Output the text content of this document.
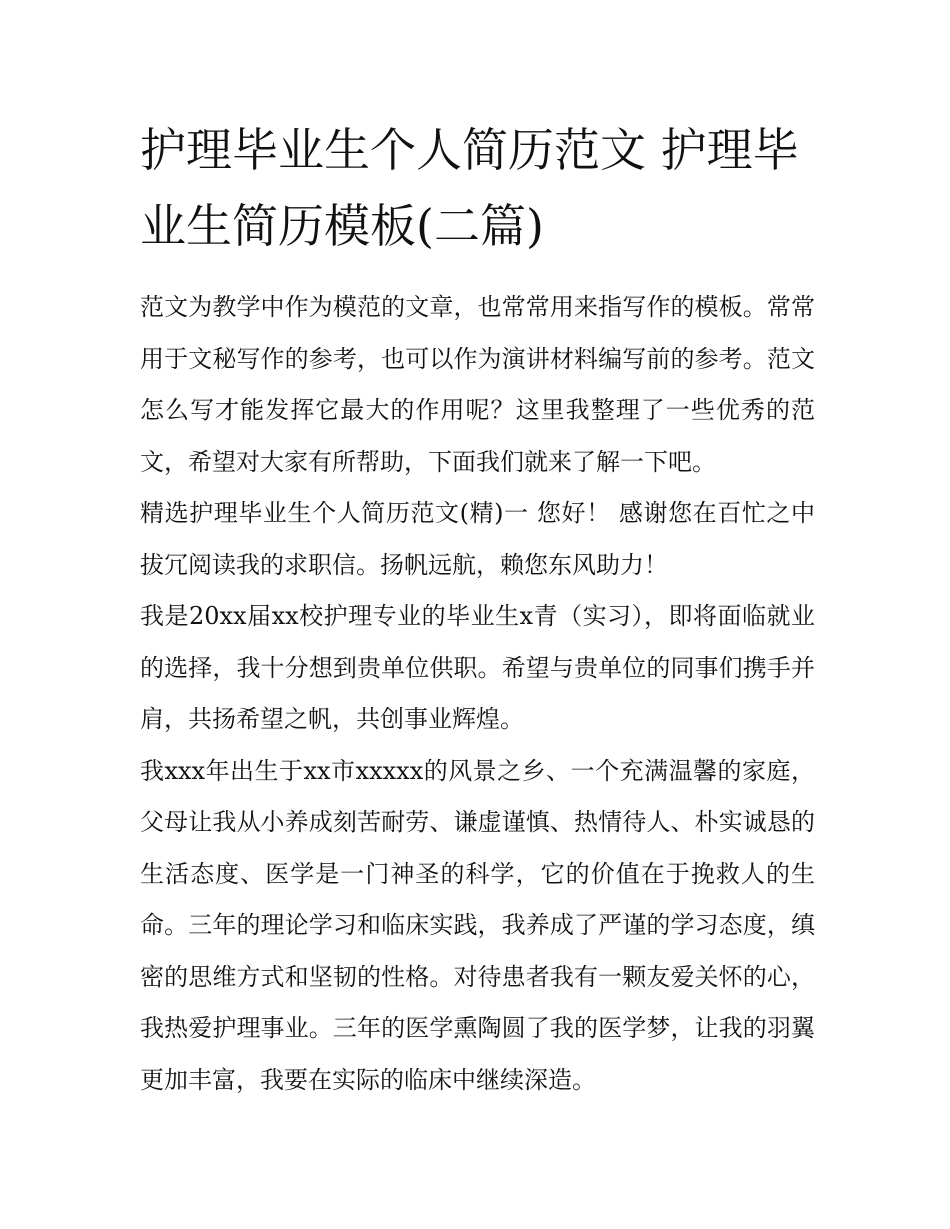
护理毕业生个人简历范文 护理毕业生简历模板(二篇)

范文为教学中作为模范的文章，也常常用来指写作的模板。常常用于文秘写作的参考，也可以作为演讲材料编写前的参考。范文怎么写才能发挥它最大的作用呢？这里我整理了一些优秀的范文，希望对大家有所帮助，下面我们就来了解一下吧。

精选护理毕业生个人简历范文(精)一 您好！ 感谢您在百忙之中拔冗阅读我的求职信。扬帆远航，赖您东风助力！

我是20xx届xx校护理专业的毕业生x青（实习），即将面临就业的选择，我十分想到贵单位供职。希望与贵单位的同事们携手并肩，共扬希望之帆，共创事业辉煌。

我xxx年出生于xx市xxxxx的风景之乡、一个充满温馨的家庭，父母让我从小养成刻苦耐劳、谦虚谨慎、热情待人、朴实诚恳的生活态度、医学是一门神圣的科学，它的价值在于挽救人的生命。三年的理论学习和临床实践，我养成了严谨的学习态度，缜密的思维方式和坚韧的性格。对待患者我有一颗友爱关怀的心，我热爱护理事业。三年的医学熏陶圆了我的医学梦，让我的羽翼更加丰富，我要在实际的临床中继续深造。
